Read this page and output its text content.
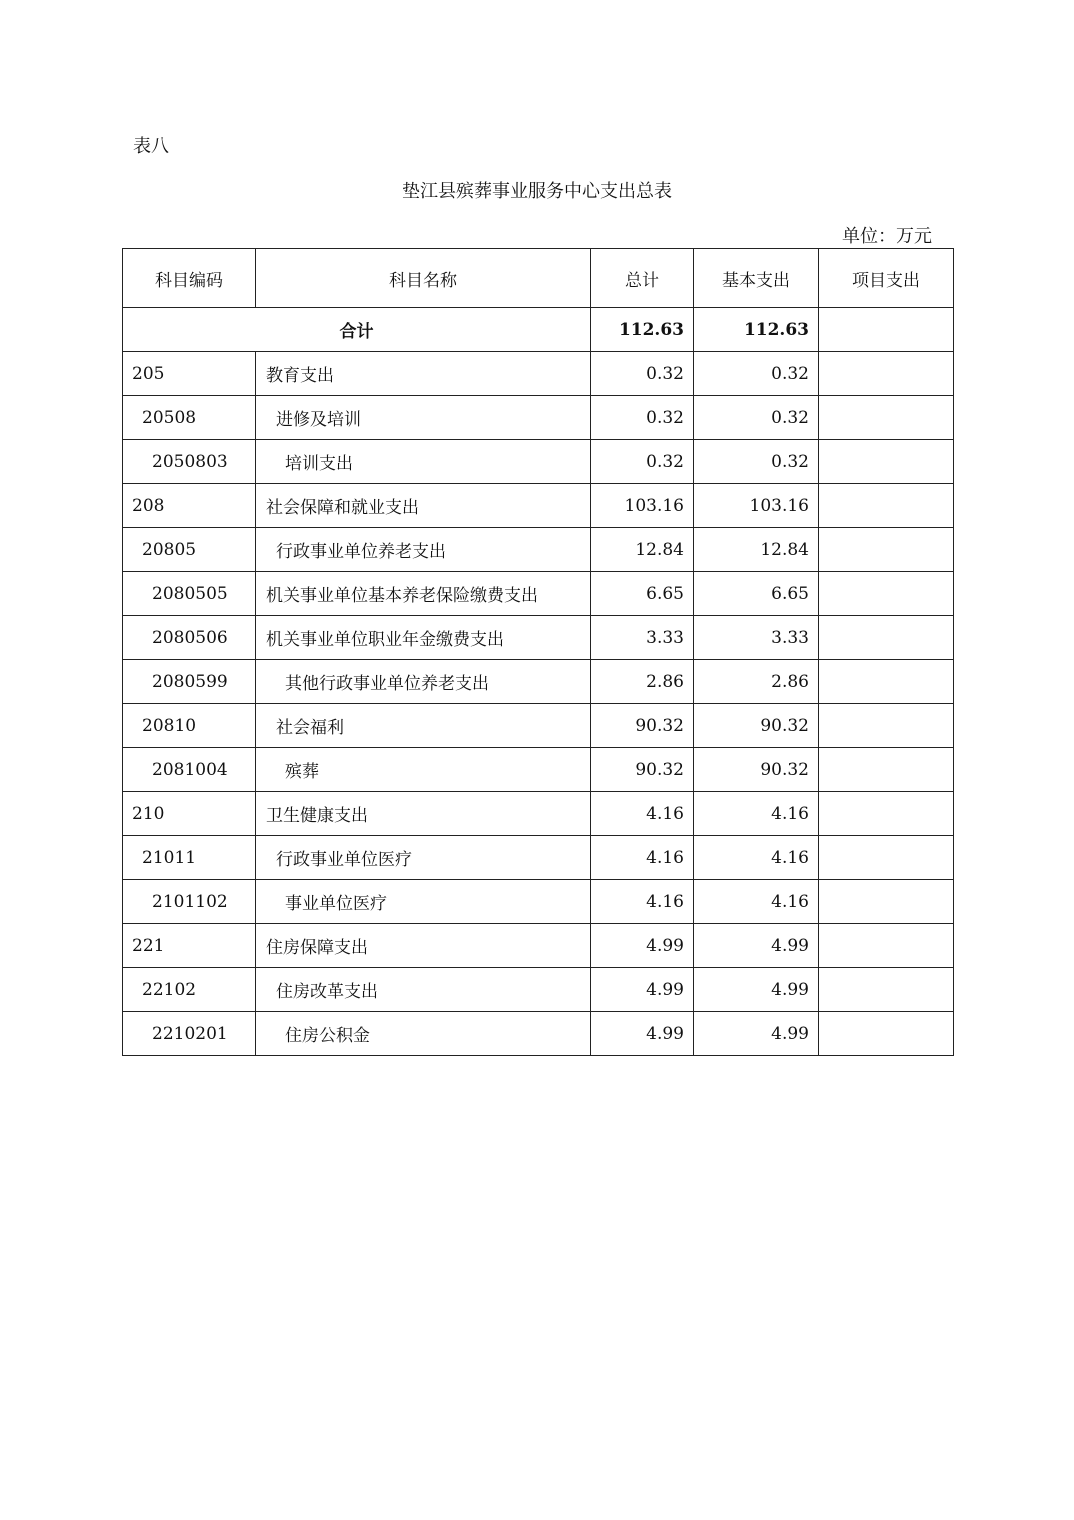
表八
垫江县殡葬事业服务中心支出总表
单位：万元
科目编码	科目名称	总计	基本支出	项目支出
合计		112.63	112.63	
205	教育支出	0.32	0.32	
20508	进修及培训	0.32	0.32	
2050803	培训支出	0.32	0.32	
208	社会保障和就业支出	103.16	103.16	
20805	行政事业单位养老支出	12.84	12.84	
2080505	机关事业单位基本养老保险缴费支出	6.65	6.65	
2080506	机关事业单位职业年金缴费支出	3.33	3.33	
2080599	其他行政事业单位养老支出	2.86	2.86	
20810	社会福利	90.32	90.32	
2081004	殡葬	90.32	90.32	
210	卫生健康支出	4.16	4.16	
21011	行政事业单位医疗	4.16	4.16	
2101102	事业单位医疗	4.16	4.16	
221	住房保障支出	4.99	4.99	
22102	住房改革支出	4.99	4.99	
2210201	住房公积金	4.99	4.99	
